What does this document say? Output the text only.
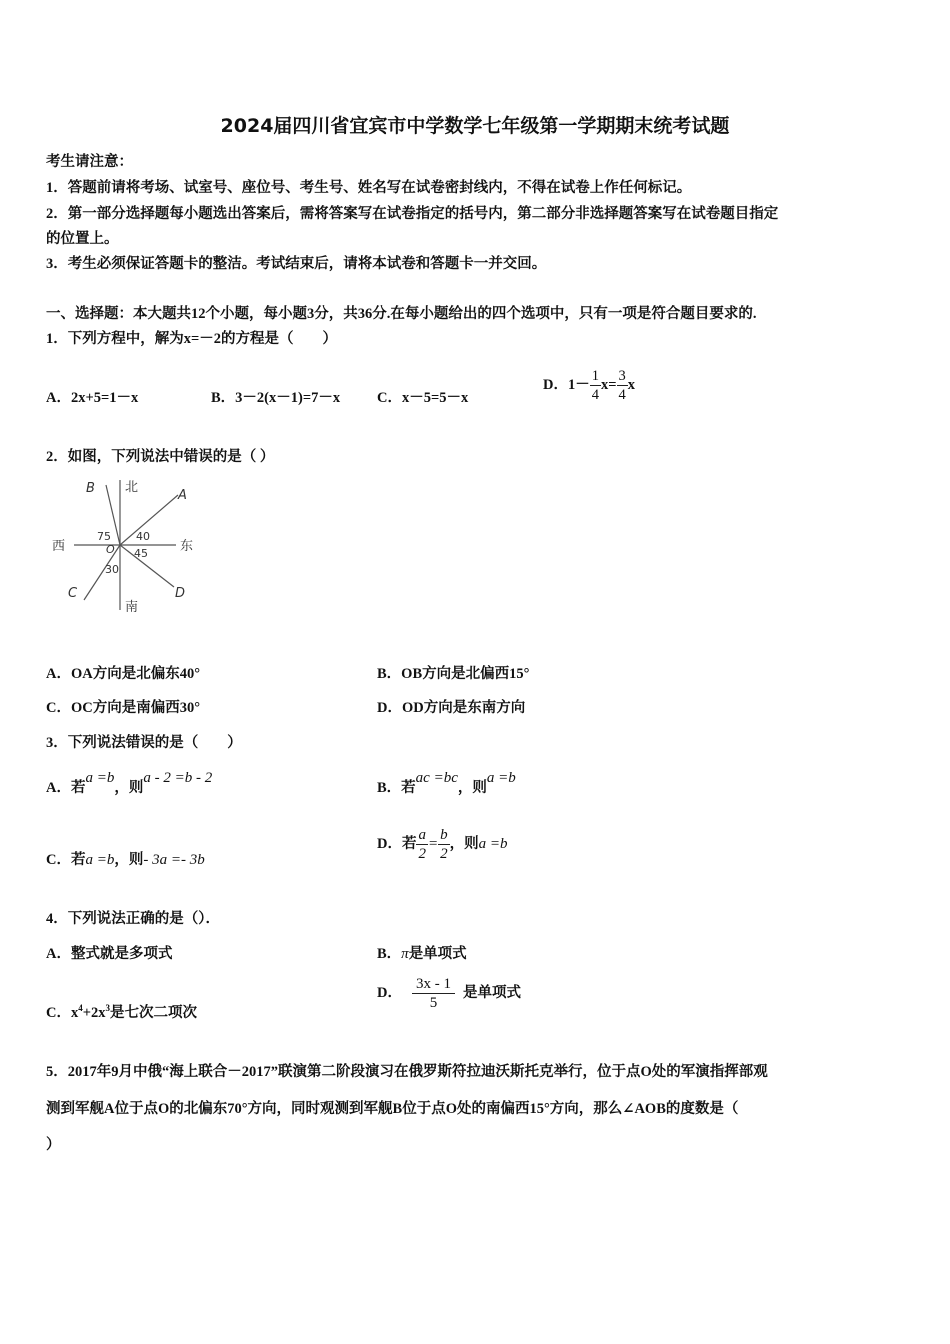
2024届四川省宜宾市中学数学七年级第一学期期末统考试题
考生请注意：
1．答题前请将考场、试室号、座位号、考生号、姓名写在试卷密封线内，不得在试卷上作任何标记。
2．第一部分选择题每小题选出答案后，需将答案写在试卷指定的括号内，第二部分非选择题答案写在试卷题目指定
的位置上。
3．考生必须保证答题卡的整洁。考试结束后，请将本试卷和答题卡一并交回。
一、选择题：本大题共12个小题，每小题3分，共36分.在每小题给出的四个选项中，只有一项是符合题目要求的.
1．下列方程中，解为x=－2的方程是（　　）
A．2x+5=1－x	B．3－2(x－1)=7－x	C．x－5=5－x
D．$1- \frac{1}{4} x= \frac{3}{4}$ x
2．如图，下列说法中错误的是（ ）
北
南
西	东
A
B
C	D
O
75 40
45
30
A．OA方向是北偏东40°	B．OB方向是北偏西15°
C．OC方向是南偏西30°	D．OD方向是东南方向
3．下列说法错误的是（　　）
A．若a =b，则a - 2 =b - 2
B．若ac =bc，则a =b
C．若a =b，则- 3a =- 3b
D．若 $\frac{a}{2} = \frac{b}{2}$ ，则a =b
4．下列说法正确的是（）．
A．整式就是多项式	B．π是单项式
C．$x^4+2x^3$是七次二项次
D． $\frac{3x - 1}{5}$ 是单项式
5．2017年9月中俄“海上联合－2017”联演第二阶段演习在俄罗斯符拉迪沃斯托克举行，位于点O处的军演指挥部观
测到军舰A位于点O的北偏东70°方向，同时观测到军舰B位于点O处的南偏西15°方向，那么∠AOB的度数是（
）
